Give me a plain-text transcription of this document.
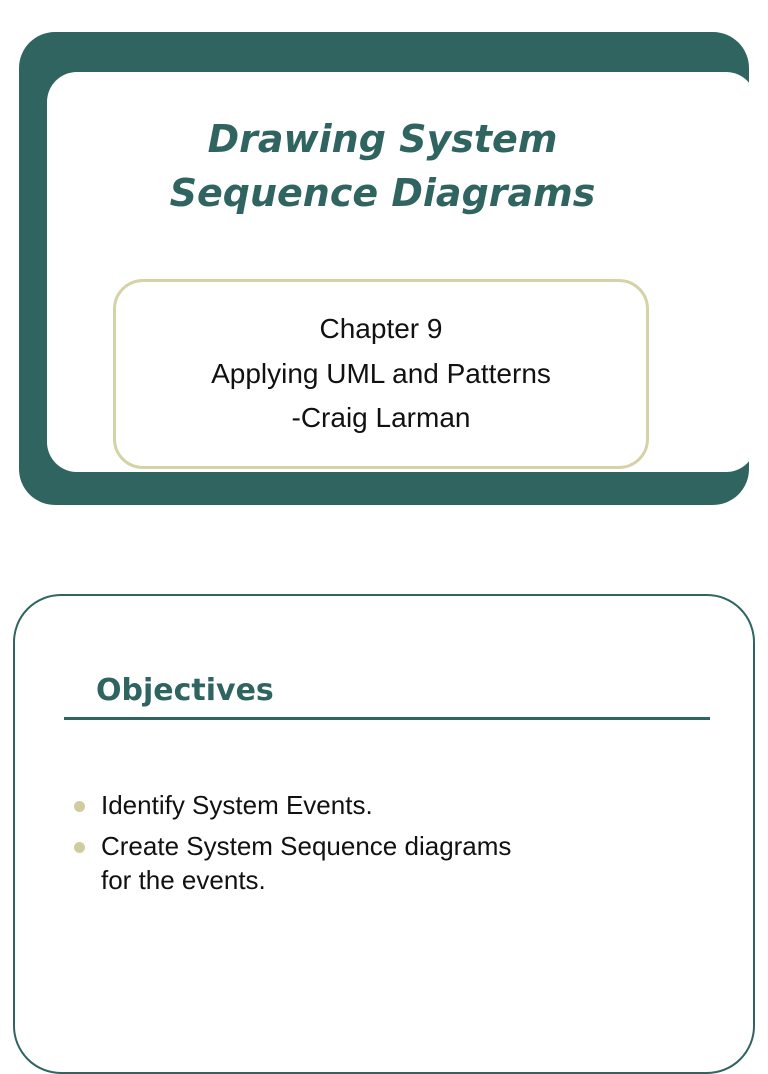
Drawing System
Sequence Diagrams
Chapter 9
Applying UML and Patterns
-Craig Larman
Objectives
Identify System Events.
Create System Sequence diagrams
for the events.
